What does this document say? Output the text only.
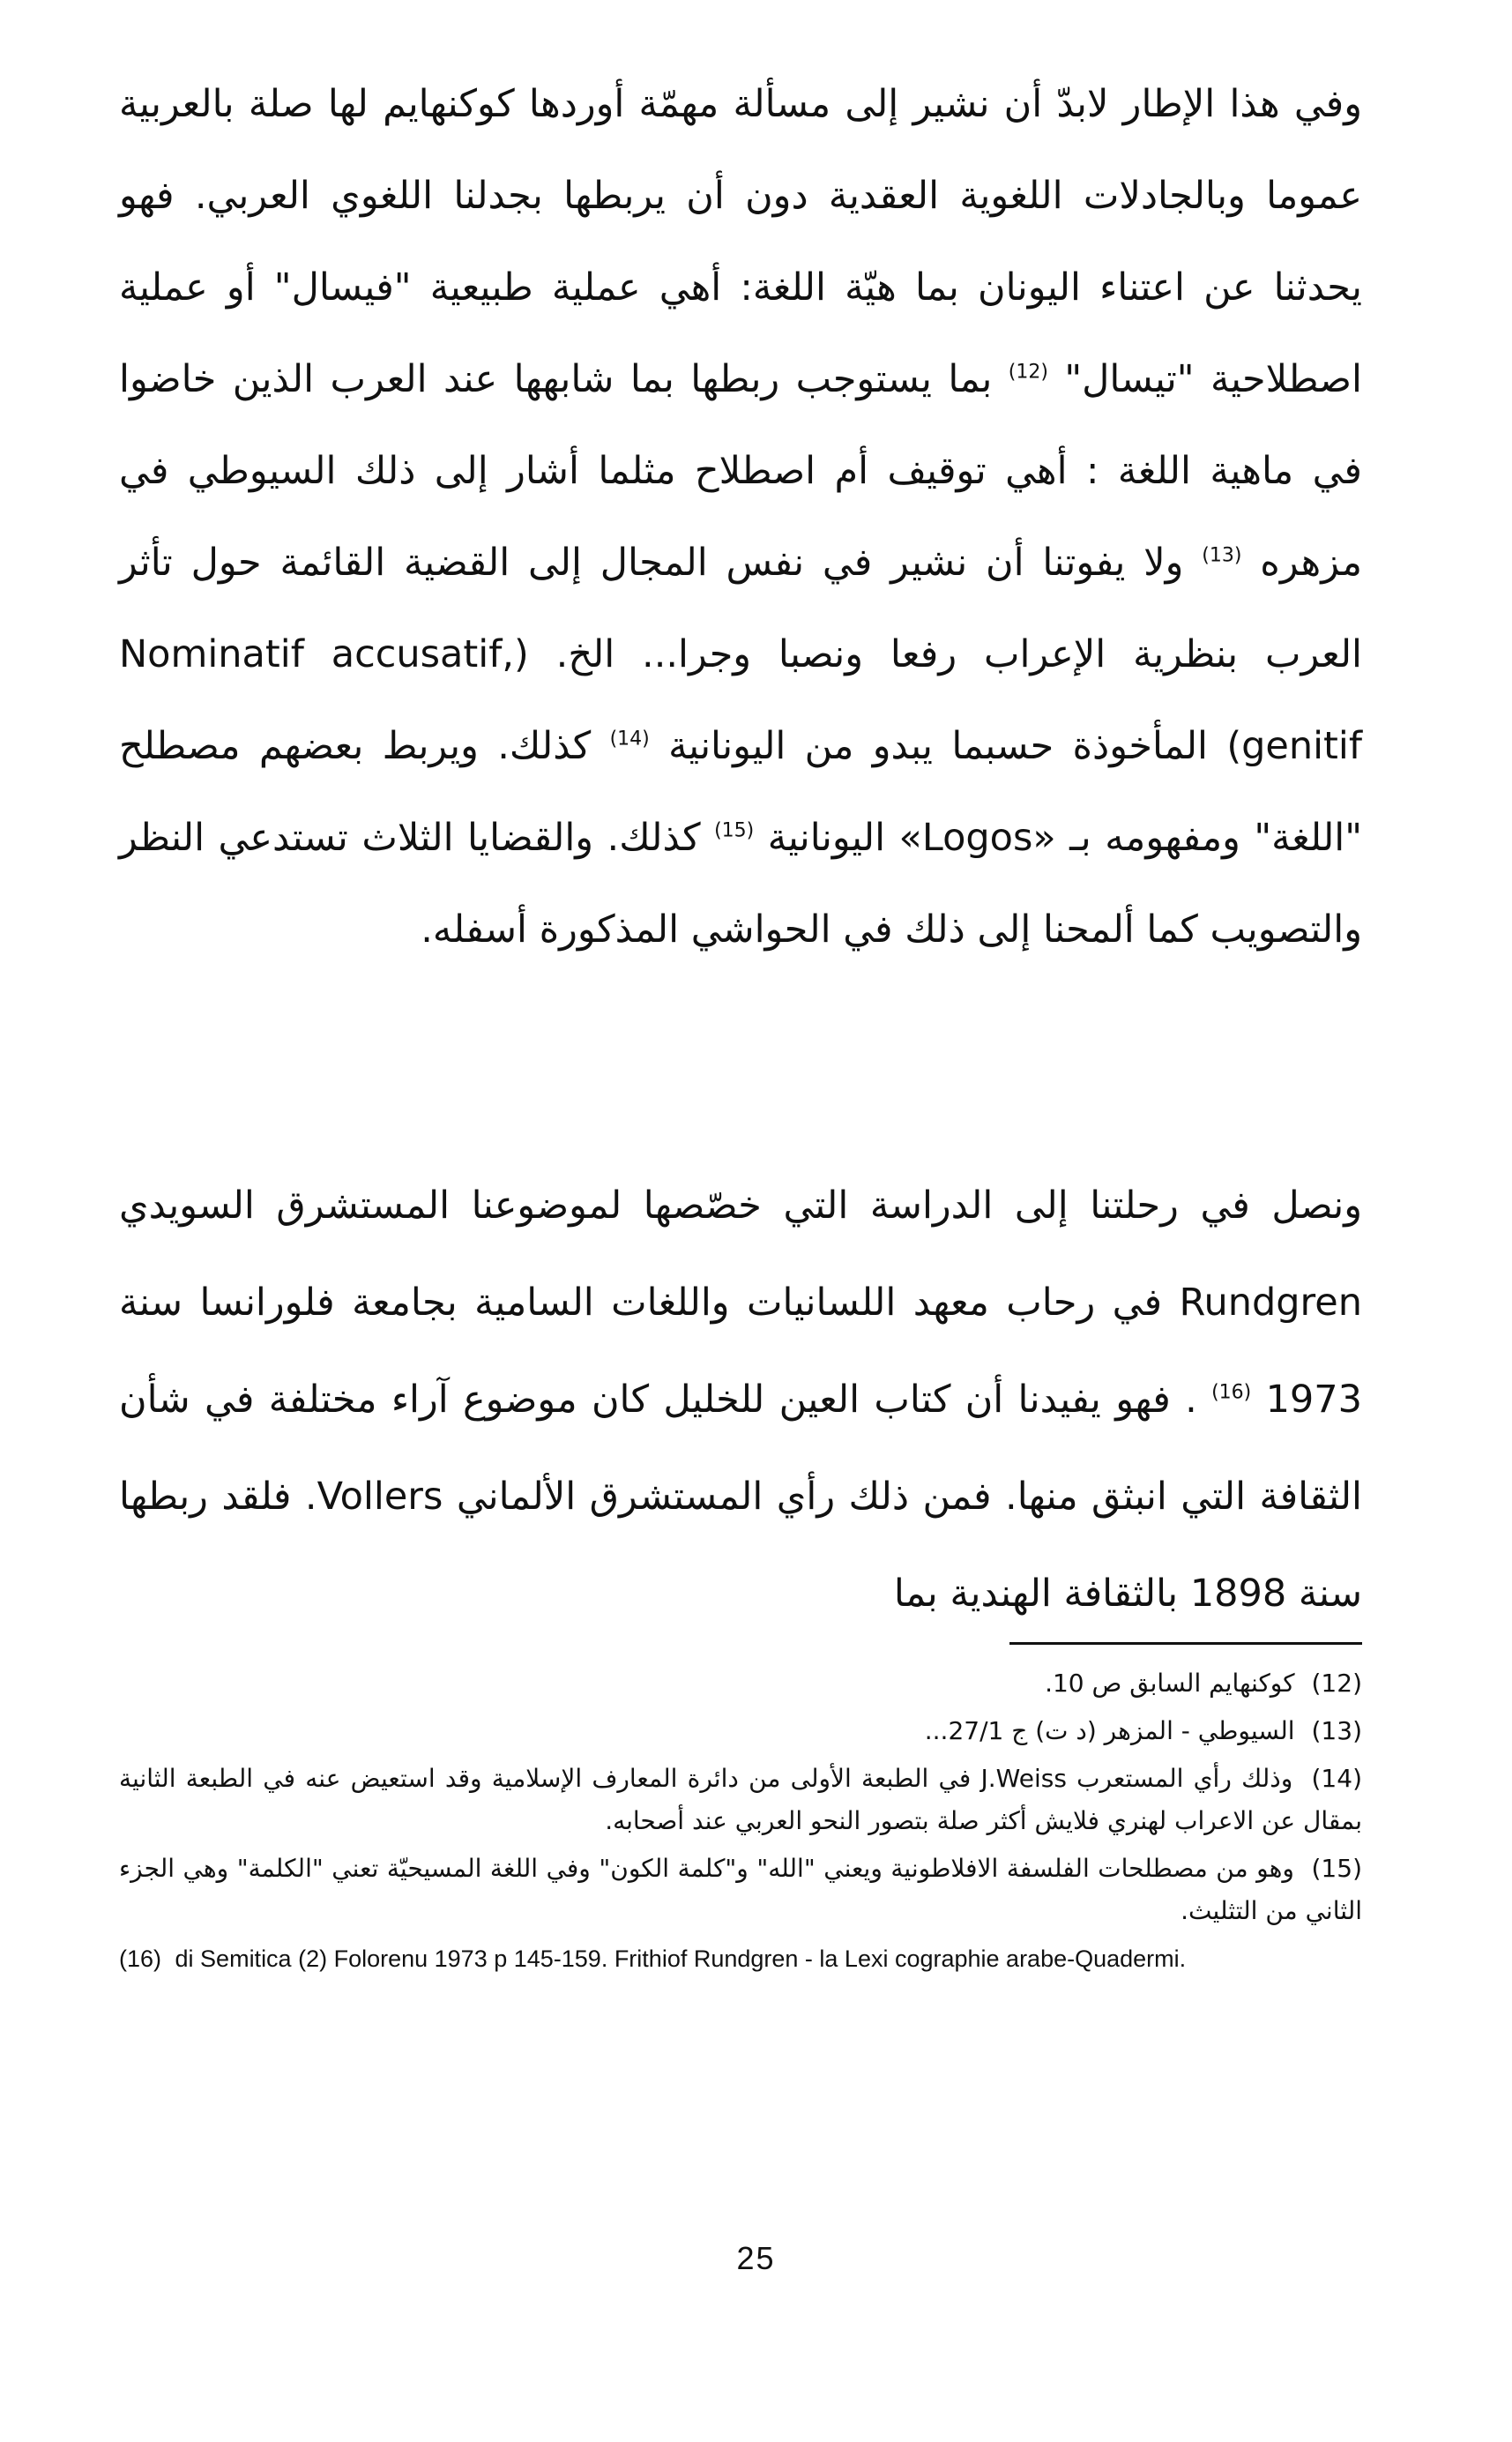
وفي هذا الإطار لابدّ أن نشير إلى مسألة مهمّة أوردها كوكنهايم لها صلة بالعربية عموما وبالجادلات اللغوية العقدية دون أن يربطها بجدلنا اللغوي العربي. فهو يحدثنا عن اعتناء اليونان بما هيّة اللغة: أهي عملية طبيعية "فيسال" أو عملية اصطلاحية "تيسال" $^{(12)}$ بما يستوجب ربطها بما شابهها عند العرب الذين خاضوا في ماهية اللغة : أهي توقيف أم اصطلاح مثلما أشار إلى ذلك السيوطي في مزهره $^{(13)}$ ولا يفوتنا أن نشير في نفس المجال إلى القضية القائمة حول تأثر العرب بنظرية الإعراب رفعا ونصبا وجرا... الخ. (Nominatif accusatif, genitif) المأخوذة حسبما يبدو من اليونانية $^{(14)}$ كذلك. ويربط بعضهم مصطلح "اللغة" ومفهومه بـ «Logos» اليونانية $^{(15)}$ كذلك. والقضايا الثلاث تستدعي النظر والتصويب كما ألمحنا إلى ذلك في الحواشي المذكورة أسفله.
ونصل في رحلتنا إلى الدراسة التي خصّصها لموضوعنا المستشرق السويدي Rundgren في رحاب معهد اللسانيات واللغات السامية بجامعة فلورانسا سنة 1973 $^{(16)}$ . فهو يفيدنا أن كتاب العين للخليل كان موضوع آراء مختلفة في شأن الثقافة التي انبثق منها. فمن ذلك رأي المستشرق الألماني Vollers. فلقد ربطها سنة 1898 بالثقافة الهندية بما

(12) كوكنهايم السابق ص 10.

(13) السيوطي - المزهر (د ت) ج 27/1...

(14) وذلك رأي المستعرب J.Weiss في الطبعة الأولى من دائرة المعارف الإسلامية وقد استعيض عنه في الطبعة الثانية بمقال عن الاعراب لهنري فلايش أكثر صلة بتصور النحو العربي عند أصحابه.

(15) وهو من مصطلحات الفلسفة الافلاطونية ويعني "الله" و"كلمة الكون" وفي اللغة المسيحيّة تعني "الكلمة" وهي الجزء الثاني من التثليث.

(16) di Semitica (2) Folorenu 1973 p 145-159. Frithiof Rundgren - la Lexi cographie arabe-Quadermi.

25
